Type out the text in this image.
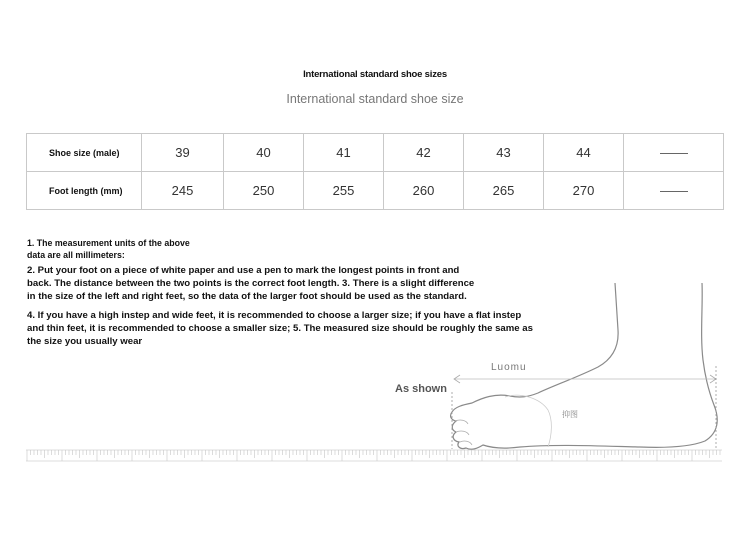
International standard shoe sizes
International standard shoe size
Shoe size (male)	39	40	41	42	43	44	
Foot length (mm)	245	250	255	260	265	270	
1. The measurement units of the above
data are all millimeters:
2. Put your foot on a piece of white paper and use a pen to mark the longest points in front and
back. The distance between the two points is the correct foot length. 3. There is a slight difference
in the size of the left and right feet, so the data of the larger foot should be used as the standard.
4. If you have a high instep and wide feet, it is recommended to choose a larger size; if you have a flat instep
and thin feet, it is recommended to choose a smaller size; 5. The measured size should be roughly the same as
the size you usually wear
As shown
Luomu
抑图
